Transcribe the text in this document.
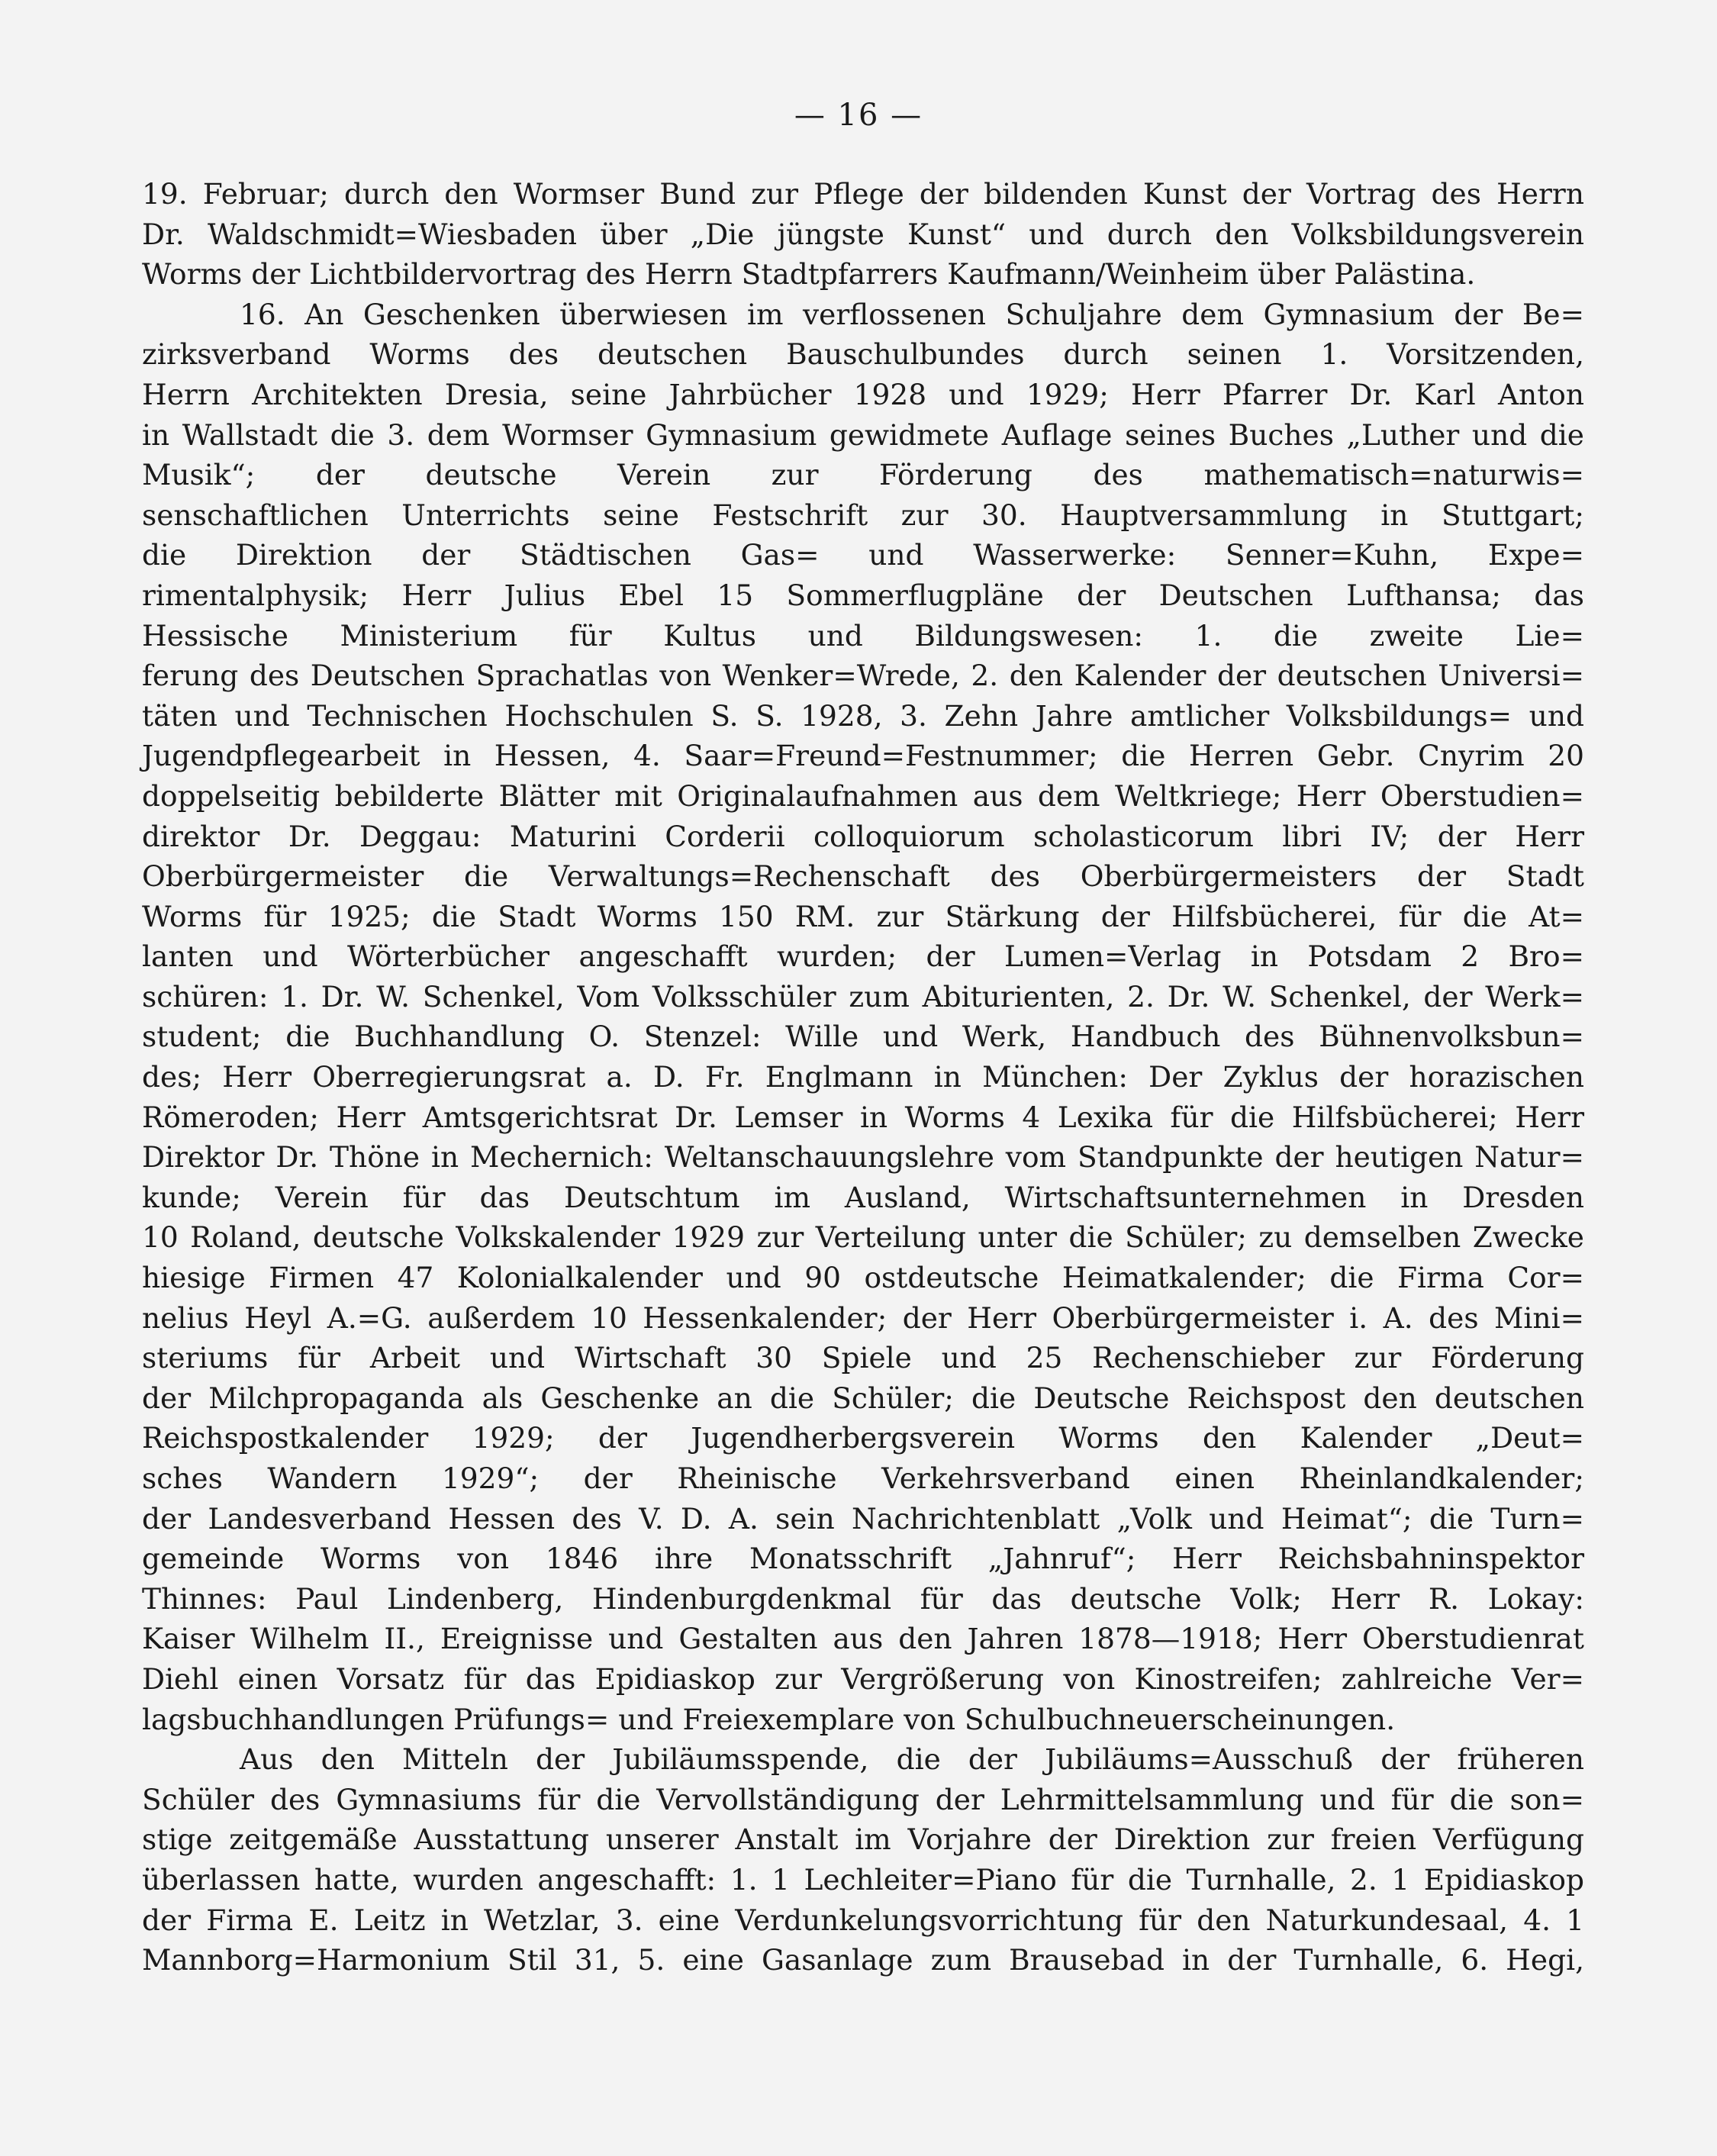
— 16 —
19. Februar; durch den Wormser Bund zur Pflege der bildenden Kunst der Vortrag des Herrn
Dr. Waldschmidt=Wiesbaden über „Die jüngste Kunst“ und durch den Volksbildungsverein
Worms der Lichtbildervortrag des Herrn Stadtpfarrers Kaufmann/Weinheim über Palästina.
16. An Geschenken überwiesen im verflossenen Schuljahre dem Gymnasium der Be=
zirksverband Worms des deutschen Bauschulbundes durch seinen 1. Vorsitzenden,
Herrn Architekten Dresia, seine Jahrbücher 1928 und 1929; Herr Pfarrer Dr. Karl Anton
in Wallstadt die 3. dem Wormser Gymnasium gewidmete Auflage seines Buches „Luther und die
Musik“; der deutsche Verein zur Förderung des mathematisch=naturwis=
senschaftlichen Unterrichts seine Festschrift zur 30. Hauptversammlung in Stuttgart;
die Direktion der Städtischen Gas= und Wasserwerke: Senner=Kuhn, Expe=
rimentalphysik; Herr Julius Ebel 15 Sommerflugpläne der Deutschen Lufthansa; das
Hessische Ministerium für Kultus und Bildungswesen: 1. die zweite Lie=
ferung des Deutschen Sprachatlas von Wenker=Wrede, 2. den Kalender der deutschen Universi=
täten und Technischen Hochschulen S. S. 1928, 3. Zehn Jahre amtlicher Volksbildungs= und
Jugendpflegearbeit in Hessen, 4. Saar=Freund=Festnummer; die Herren Gebr. Cnyrim 20
doppelseitig bebilderte Blätter mit Originalaufnahmen aus dem Weltkriege; Herr Oberstudien=
direktor Dr. Deggau: Maturini Corderii colloquiorum scholasticorum libri IV; der Herr
Oberbürgermeister die Verwaltungs=Rechenschaft des Oberbürgermeisters der Stadt
Worms für 1925; die Stadt Worms 150 RM. zur Stärkung der Hilfsbücherei, für die At=
lanten und Wörterbücher angeschafft wurden; der Lumen=Verlag in Potsdam 2 Bro=
schüren: 1. Dr. W. Schenkel, Vom Volksschüler zum Abiturienten, 2. Dr. W. Schenkel, der Werk=
student; die Buchhandlung O. Stenzel: Wille und Werk, Handbuch des Bühnenvolksbun=
des; Herr Oberregierungsrat a. D. Fr. Englmann in München: Der Zyklus der horazischen
Römeroden; Herr Amtsgerichtsrat Dr. Lemser in Worms 4 Lexika für die Hilfsbücherei; Herr
Direktor Dr. Thöne in Mechernich: Weltanschauungslehre vom Standpunkte der heutigen Natur=
kunde; Verein für das Deutschtum im Ausland, Wirtschaftsunternehmen in Dresden
10 Roland, deutsche Volkskalender 1929 zur Verteilung unter die Schüler; zu demselben Zwecke
hiesige Firmen 47 Kolonialkalender und 90 ostdeutsche Heimatkalender; die Firma Cor=
nelius Heyl A.=G. außerdem 10 Hessenkalender; der Herr Oberbürgermeister i. A. des Mini=
steriums für Arbeit und Wirtschaft 30 Spiele und 25 Rechenschieber zur Förderung
der Milchpropaganda als Geschenke an die Schüler; die Deutsche Reichspost den deutschen
Reichspostkalender 1929; der Jugendherbergsverein Worms den Kalender „Deut=
sches Wandern 1929“; der Rheinische Verkehrsverband einen Rheinlandkalender;
der Landesverband Hessen des V. D. A. sein Nachrichtenblatt „Volk und Heimat“; die Turn=
gemeinde Worms von 1846 ihre Monatsschrift „Jahnruf“; Herr Reichsbahninspektor
Thinnes: Paul Lindenberg, Hindenburgdenkmal für das deutsche Volk; Herr R. Lokay:
Kaiser Wilhelm II., Ereignisse und Gestalten aus den Jahren 1878—1918; Herr Oberstudienrat
Diehl einen Vorsatz für das Epidiaskop zur Vergrößerung von Kinostreifen; zahlreiche Ver=
lagsbuchhandlungen Prüfungs= und Freiexemplare von Schulbuchneuerscheinungen.
Aus den Mitteln der Jubiläumsspende, die der Jubiläums=Ausschuß der früheren
Schüler des Gymnasiums für die Vervollständigung der Lehrmittelsammlung und für die son=
stige zeitgemäße Ausstattung unserer Anstalt im Vorjahre der Direktion zur freien Verfügung
überlassen hatte, wurden angeschafft: 1. 1 Lechleiter=Piano für die Turnhalle, 2. 1 Epidiaskop
der Firma E. Leitz in Wetzlar, 3. eine Verdunkelungsvorrichtung für den Naturkundesaal, 4. 1
Mannborg=Harmonium Stil 31, 5. eine Gasanlage zum Brausebad in der Turnhalle, 6. Hegi,
